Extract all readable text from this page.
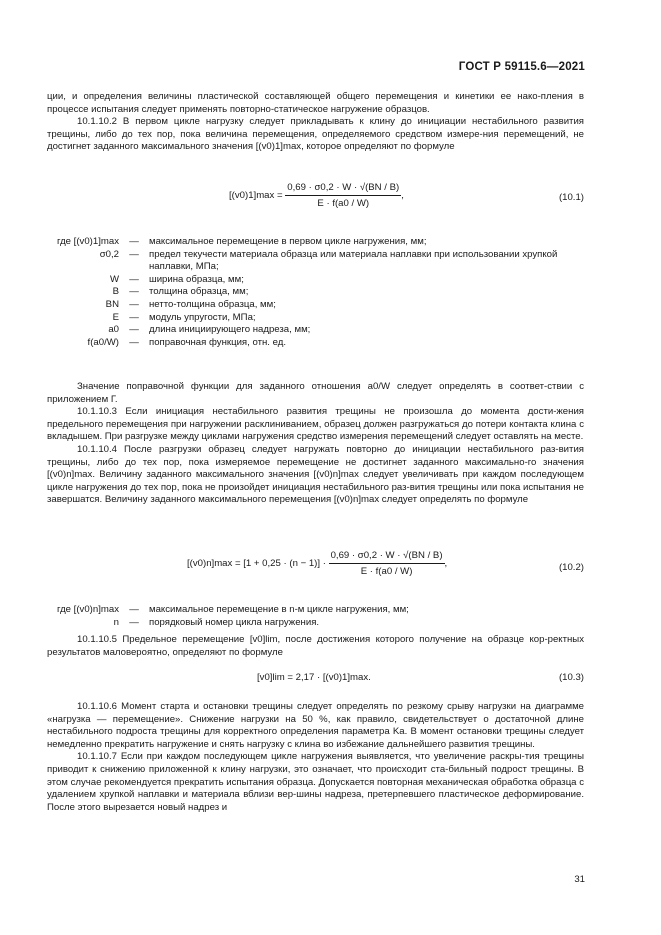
ГОСТ Р 59115.6—2021

ции, и определения величины пластической составляющей общего перемещения и кинетики ее нако-пления в процессе испытания следует применять повторно-статическое нагружение образцов.

10.1.10.2 В первом цикле нагрузку следует прикладывать к клину до инициации нестабильного развития трещины, либо до тех пор, пока величина перемещения, определяемого средством измере-ния перемещений, не достигнет заданного максимального значения [(v0)1]max, которое определяют по формуле

$[(v0)1]\max = \frac{0,69 \cdot \sigma 0,2 \cdot W \cdot √(BN / B)}{E \cdot f(a0 / W)}$ ,	(10.1)
где [(v0)1]max	—	максимальное перемещение в первом цикле нагружения, мм;
σ0,2	—	предел текучести материала образца или материала наплавки при использовании хрупкой наплавки, МПа;
W	—	ширина образца, мм;
B	—	толщина образца, мм;
BN	—	нетто-толщина образца, мм;
E	—	модуль упругости, МПа;
a0	—	длина инициирующего надреза, мм;
f(a0/W)	—	поправочная функция, отн. ед.

Значение поправочной функции для заданного отношения a0/W следует определять в соответ-ствии с приложением Г.

10.1.10.3 Если инициация нестабильного развития трещины не произошла до момента дости-жения предельного перемещения при нагружении расклиниванием, образец должен разгружаться до потери контакта клина с вкладышем. При разгрузке между циклами нагружения средство измерения перемещений следует оставлять на месте.

10.1.10.4 После разгрузки образец следует нагружать повторно до инициации нестабильного раз-вития трещины, либо до тех пор, пока измеряемое перемещение не достигнет заданного максимально-го значения [(v0)n]max. Величину заданного максимального значения [(v0)n]max следует увеличивать при каждом последующем цикле нагружения до тех пор, пока не произойдет инициация нестабильного раз-вития трещины или пока испытания не завершатся. Величину заданного максимального перемещения [(v0)n]max следует определять по формуле

$[(v0)n]\max = [1 + 0,25 \cdot (n - 1)] \cdot \frac{0,69 \cdot \sigma 0,2 \cdot W \cdot √(BN / B)}{E \cdot f(a0 / W)}$ ,	(10.2)
где [(v0)n]max	—	максимальное перемещение в n-м цикле нагружения, мм;
n	—	порядковый номер цикла нагружения.

10.1.10.5 Предельное перемещение [v0]lim, после достижения которого получение на образце кор-ректных результатов маловероятно, определяют по формуле

[v0]lim = 2,17 · [(v0)1]max.	(10.3)

10.1.10.6 Момент старта и остановки трещины следует определять по резкому срыву нагрузки на диаграмме «нагрузка — перемещение». Снижение нагрузки на 50 %, как правило, свидетельствует о достаточной длине нестабильного подроста трещины для корректного определения параметра Ka. В момент остановки трещины следует немедленно прекратить нагружение и снять нагрузку с клина во избежание дальнейшего развития трещины.

10.1.10.7 Если при каждом последующем цикле нагружения выявляется, что увеличение раскры-тия трещины приводит к снижению приложенной к клину нагрузки, это означает, что происходит ста-бильный подрост трещины. В этом случае рекомендуется прекратить испытания образца. Допускается повторная механическая обработка образца с удалением хрупкой наплавки и материала вблизи вер-шины надреза, претерпевшего пластическое деформирование. После этого вырезается новый надрез и

31
